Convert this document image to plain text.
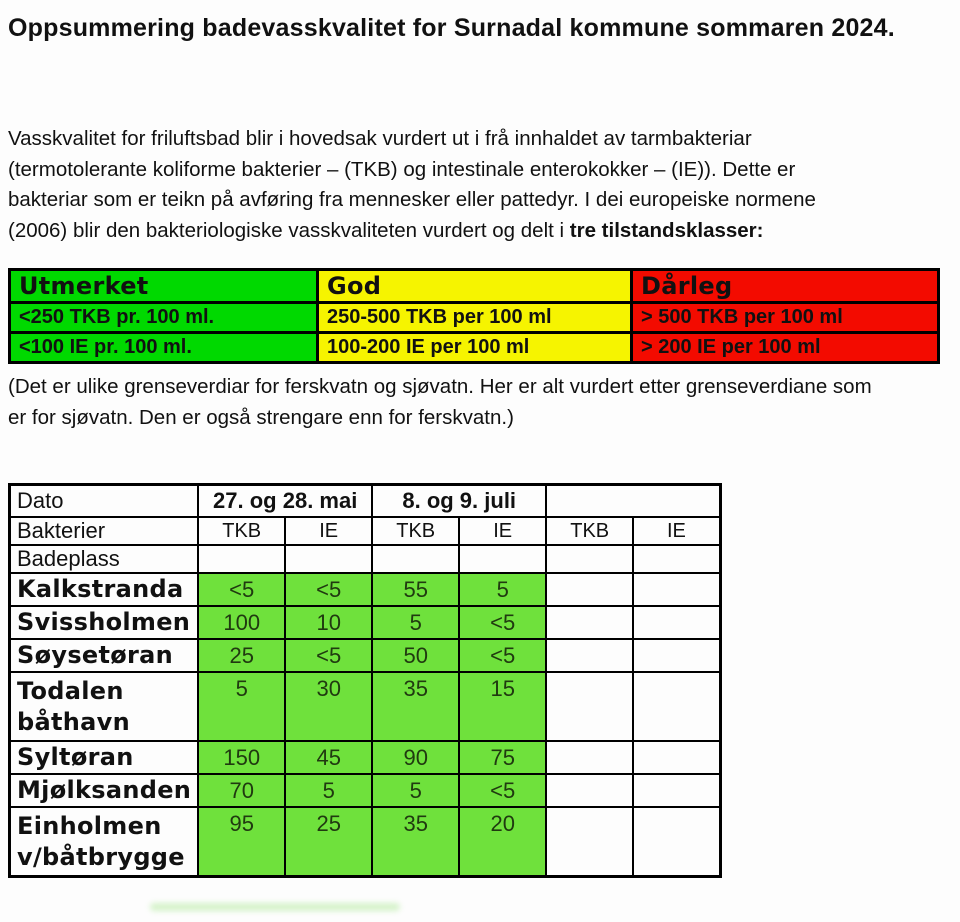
Oppsummering badevasskvalitet for Surnadal kommune sommaren 2024.
Vasskvalitet for friluftsbad blir i hovedsak vurdert ut i frå innhaldet av tarmbakteriar
(termotolerante koliforme bakterier – (TKB) og intestinale enterokokker – (IE)). Dette er
bakteriar som er teikn på avføring fra mennesker eller pattedyr. I dei europeiske normene
(2006) blir den bakteriologiske vasskvaliteten vurdert og delt i tre tilstandsklasser:
Utmerket	God	Dårleg
<250 TKB pr. 100 ml.	250-500 TKB per 100 ml	> 500 TKB per 100 ml
<100 IE pr. 100 ml.	100-200 IE per 100 ml	> 200 IE per 100 ml

(Det er ulike grenseverdiar for ferskvatn og sjøvatn. Her er alt vurdert etter grenseverdiane som
er for sjøvatn. Den er også strengare enn for ferskvatn.)

Dato	27. og 28. mai		8. og 9. juli			
Bakterier	TKB	IE	TKB	IE	TKB	IE
Badeplass						
Kalkstranda	<5	<5	55	5		
Svissholmen	100	10	5	<5		
Søysetøran	25	<5	50	<5		
Todalen båthavn	5	30	35	15		
Syltøran	150	45	90	75		
Mjølksanden	70	5	5	<5		
Einholmen v/båtbrygge	95	25	35	20		
